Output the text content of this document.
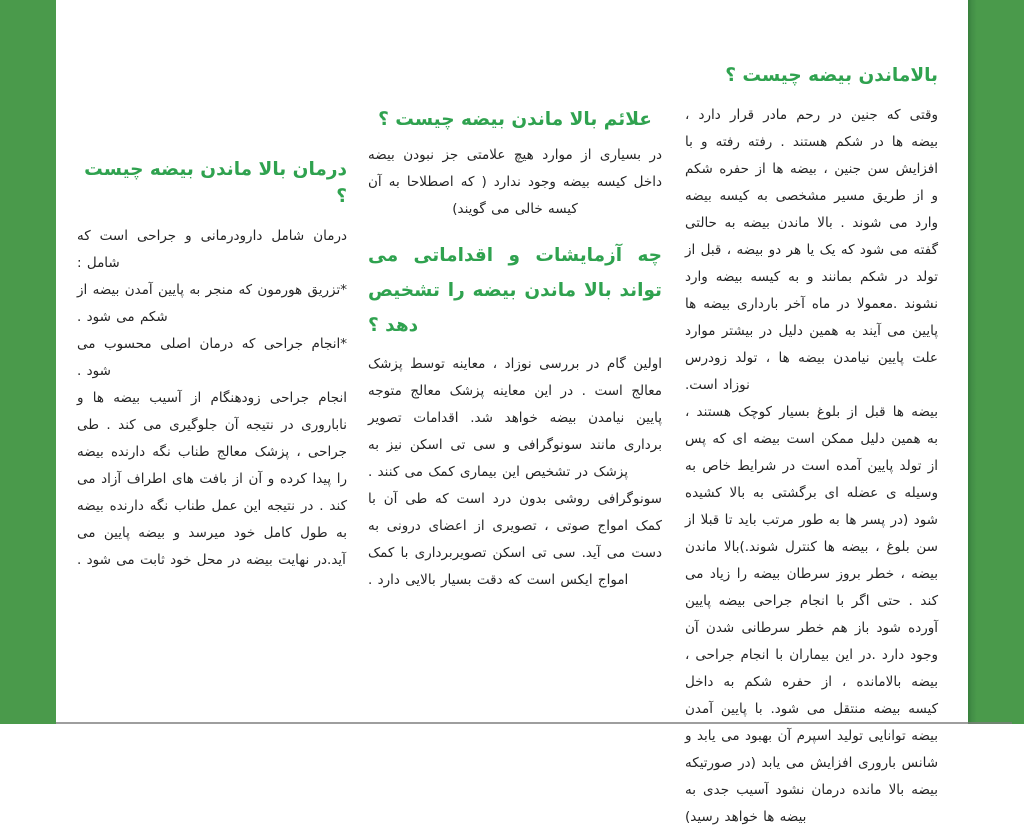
بالاماندن بیضه چیست ؟

وقتی که جنین در رحم مادر قرار دارد ، بیضه ها در شکم هستند . رفته رفته و با افزایش سن جنین ، بیضه ها از حفره شکم و از طریق مسیر مشخصی به کیسه بیضه وارد می شوند . بالا ماندن بیضه به حالتی گفته می شود که یک یا هر دو بیضه ، قبل از تولد در شکم بمانند و به کیسه بیضه وارد نشوند .معمولا در ماه آخر بارداری بیضه ها پایین می آیند به همین دلیل در بیشتر موارد علت پایین نیامدن بیضه ها ، تولد زودرس نوزاد است.

بیضه ها قبل از بلوغ بسیار کوچک هستند ، به همین دلیل ممکن است بیضه ای که پس از تولد پایین آمده است در شرایط خاص به وسیله ی عضله ای برگشتی به بالا کشیده شود (در پسر ها به طور مرتب باید تا قبلا از سن بلوغ ، بیضه ها کنترل شوند.)بالا ماندن بیضه ، خطر بروز سرطان بیضه را زیاد می کند . حتی اگر با انجام جراحی بیضه پایین آورده شود باز هم خطر سرطانی شدن آن وجود دارد .در این بیماران با انجام جراحی ، بیضه بالامانده ، از حفره شکم به داخل کیسه بیضه منتقل می شود. با پایین آمدن بیضه توانایی تولید اسپرم آن بهبود می یابد و شانس باروری افزایش می یابد (در صورتیکه بیضه بالا مانده درمان نشود آسیب جدی به بیضه ها خواهد رسید)

علائم بالا ماندن بیضه چیست ؟

در بسیاری از موارد هیچ علامتی جز نبودن بیضه داخل کیسه بیضه وجود ندارد ( که اصطلاحا به آن کیسه خالی می گویند)

چه آزمایشات و اقداماتی می تواند بالا ماندن بیضه را تشخیص دهد ؟

اولین گام در بررسی نوزاد ، معاینه توسط پزشک معالج است . در این معاینه پزشک معالج متوجه پایین نیامدن بیضه خواهد شد. اقدامات تصویر برداری مانند سونوگرافی و سی تی اسکن نیز به پزشک در تشخیص این بیماری کمک می کنند .

سونوگرافی روشی بدون درد است که طی آن با کمک امواج صوتی ، تصویری از اعضای درونی به دست می آید. سی تی اسکن تصویربرداری با کمک امواج ایکس است که دقت بسیار بالایی دارد .

درمان بالا ماندن بیضه چیست ؟

درمان شامل دارودرمانی و جراحی است که شامل :

*تزریق هورمون که منجر به پایین آمدن بیضه از شکم می شود .

*انجام جراحی که درمان اصلی محسوب می شود .

انجام جراحی زودهنگام از آسیب بیضه ها و ناباروری در نتیجه آن جلوگیری می کند . طی جراحی ، پزشک معالج طناب نگه دارنده بیضه را پیدا کرده و آن از بافت های اطراف آزاد می کند . در نتیجه این عمل طناب نگه دارنده بیضه به طول کامل خود میرسد و بیضه پایین می آید.در نهایت بیضه در محل خود ثابت می شود .
